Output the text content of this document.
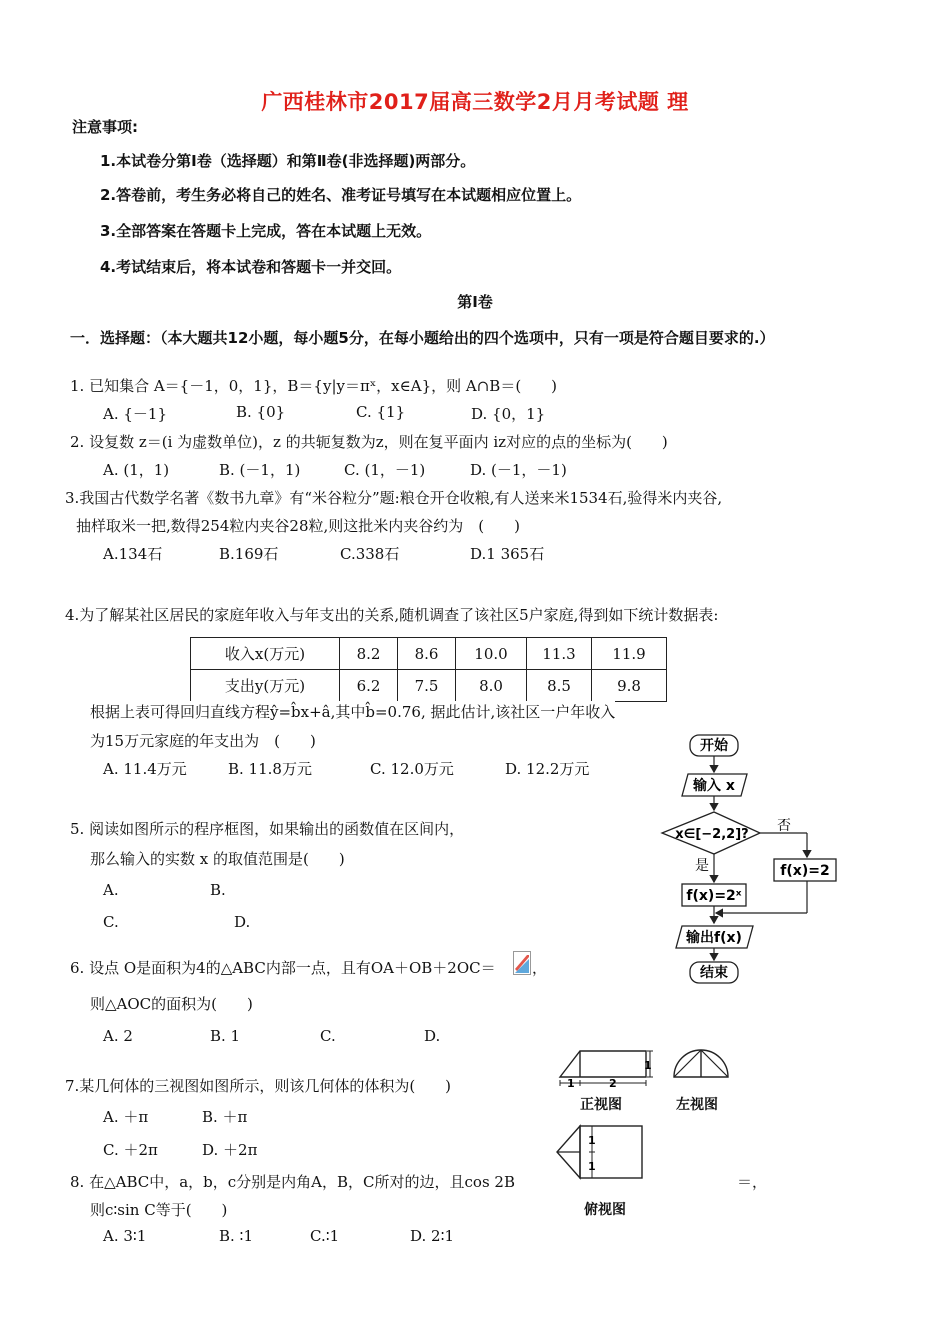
广西桂林市2017届高三数学2月月考试题 理
注意事项:
1.本试卷分第Ⅰ卷（选择题）和第Ⅱ卷(非选择题)两部分。
2.答卷前，考生务必将自己的姓名、准考证号填写在本试题相应位置上。
3.全部答案在答题卡上完成，答在本试题上无效。
4.考试结束后，将本试卷和答题卡一并交回。
第Ⅰ卷
一．选择题：（本大题共12小题，每小题5分，在每小题给出的四个选项中，只有一项是符合题目要求的.）
1. 已知集合 A＝{－1，0，1}，B＝{y|y＝πˣ，x∈A}，则 A∩B＝(　　)
A. {－1}	B. {0}	C. {1}	D. {0，1}
2. 设复数 z＝(i 为虚数单位)，z 的共轭复数为z，则在复平面内 iz对应的点的坐标为(　　)
A. (1，1)	B. (－1，1)	C. (1，－1)	D. (－1，－1)
3.我国古代数学名著《数书九章》有“米谷粒分”题:粮仓开仓收粮,有人送来米1534石,验得米内夹谷,
抽样取米一把,数得254粒内夹谷28粒,则这批米内夹谷约为　(　　)
A.134石	B.169石	C.338石	D.1 365石
4.为了解某社区居民的家庭年收入与年支出的关系,随机调查了该社区5户家庭,得到如下统计数据表:
收入x(万元)	8.2	8.6	10.0	11.3	11.9
支出y(万元)	6.2	7.5	8.0	8.5	9.8
根据上表可得回归直线方程ŷ=b̂x+â,其中b̂=0.76, 据此估计,该社区一户年收入
为15万元家庭的年支出为　(　　)
A. 11.4万元	B. 11.8万元	C. 12.0万元	D. 12.2万元
5. 阅读如图所示的程序框图，如果输出的函数值在区间内，
那么输入的实数 x 的取值范围是(　　)
A.	B.
C.	D.
开始
输入 x
x∈[−2,2]?
否
f(x)=2
是
f(x)=2ˣ
输出f(x)
结束
6. 设点 O是面积为4的△ABC内部一点，且有OA＋OB＋2OC＝ ，
则△AOC的面积为(　　)
A. 2	B. 1	C.	D.
7.某几何体的三视图如图所示，则该几何体的体积为(　　)
A. ＋π	B. ＋π
C. ＋2π	D. ＋2π
1
1	2
1
1
正视图	左视图
俯视图
8. 在△ABC中，a，b，c分别是内角A，B，C所对的边，且cos 2B	＝，
则c∶sin C等于(　　)
A. 3∶1	B. ∶1	C.∶1	D. 2∶1
